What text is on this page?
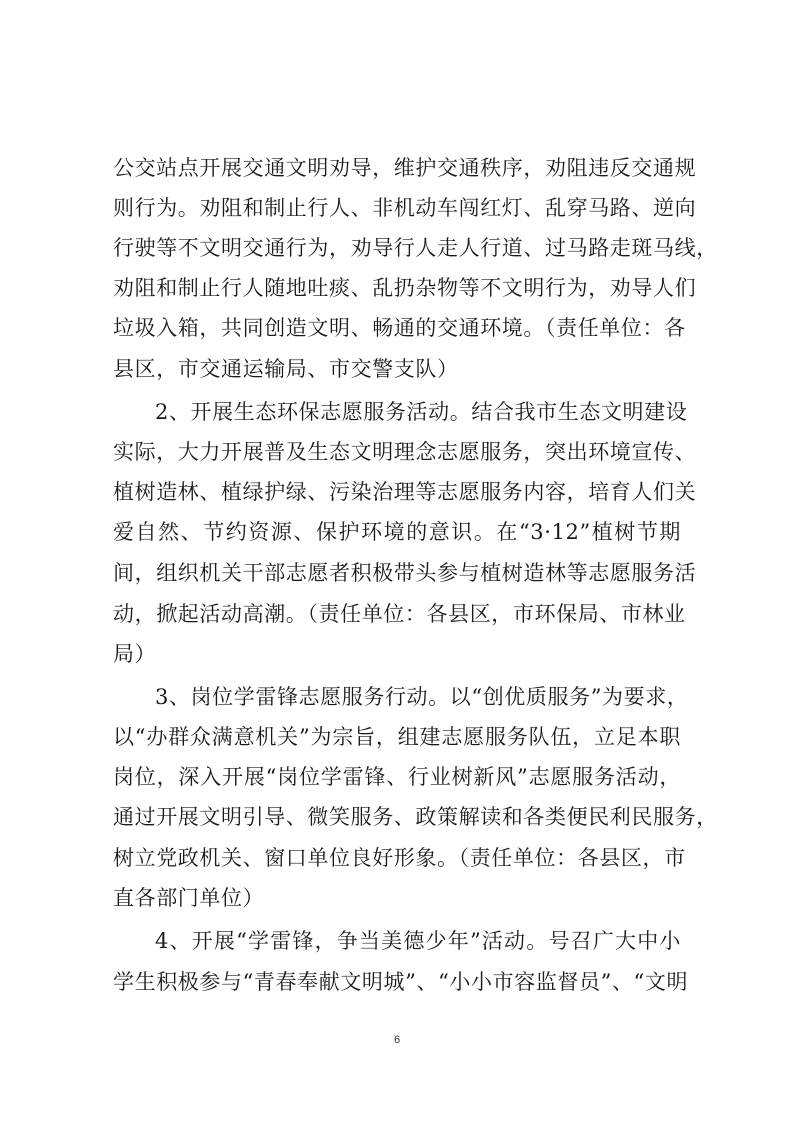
公交站点开展交通文明劝导，维护交通秩序，劝阻违反交通规
则行为。劝阻和制止行人、非机动车闯红灯、乱穿马路、逆向
行驶等不文明交通行为，劝导行人走人行道、过马路走斑马线，
劝阻和制止行人随地吐痰、乱扔杂物等不文明行为，劝导人们
垃圾入箱，共同创造文明、畅通的交通环境。（责任单位：各
县区，市交通运输局、市交警支队）
2、开展生态环保志愿服务活动。结合我市生态文明建设
实际，大力开展普及生态文明理念志愿服务，突出环境宣传、
植树造林、植绿护绿、污染治理等志愿服务内容，培育人们关
爱自然、节约资源、保护环境的意识。在“3·12”植树节期
间，组织机关干部志愿者积极带头参与植树造林等志愿服务活
动，掀起活动高潮。（责任单位：各县区，市环保局、市林业
局）
3、岗位学雷锋志愿服务行动。以“创优质服务”为要求，
以“办群众满意机关”为宗旨，组建志愿服务队伍，立足本职
岗位，深入开展“岗位学雷锋、行业树新风”志愿服务活动，
通过开展文明引导、微笑服务、政策解读和各类便民利民服务，
树立党政机关、窗口单位良好形象。（责任单位：各县区，市
直各部门单位）
4、开展“学雷锋，争当美德少年”活动。号召广大中小
学生积极参与“青春奉献文明城”、“小小市容监督员”、“文明
6
